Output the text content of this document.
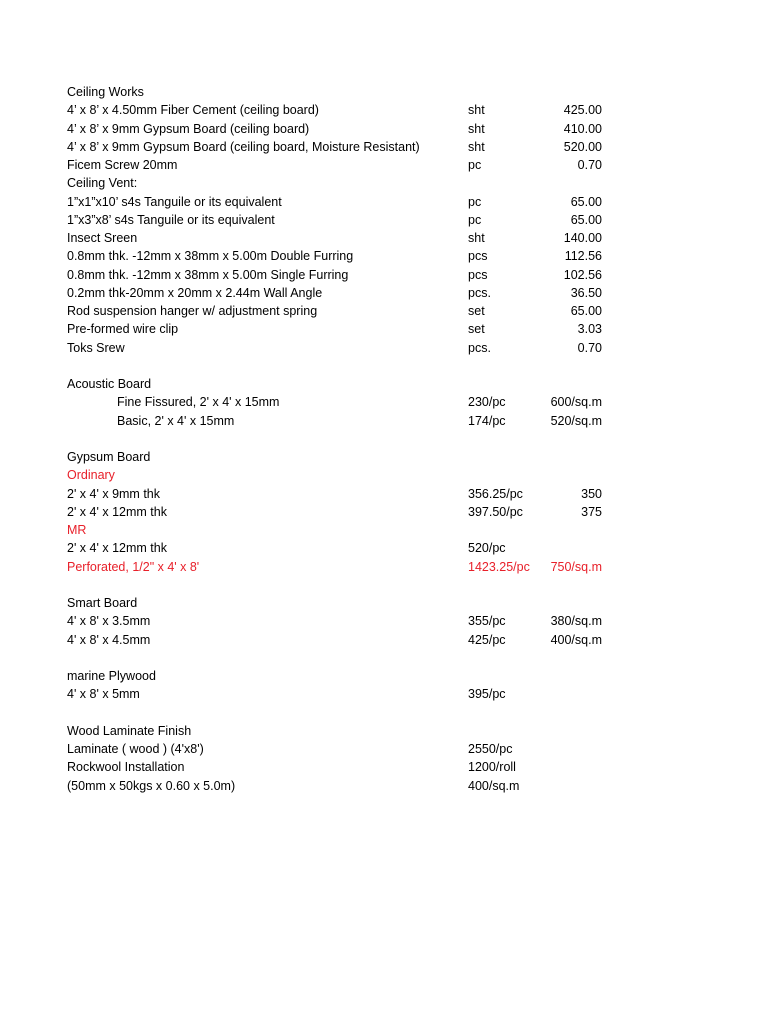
Ceiling Works
4’ x 8’ x 4.50mm Fiber Cement (ceiling board)	sht	425.00
4’ x 8’ x 9mm Gypsum Board (ceiling board)	sht	410.00
4’ x 8’ x 9mm Gypsum Board (ceiling board, Moisture Resistant)	sht	520.00
Ficem Screw 20mm	pc	0.70
Ceiling Vent:
1”x1”x10’ s4s Tanguile or its equivalent	pc	65.00
1”x3”x8’ s4s Tanguile or its equivalent	pc	65.00
Insect Sreen	sht	140.00
0.8mm thk. -12mm x 38mm x 5.00m Double Furring	pcs	112.56
0.8mm thk. -12mm x 38mm x 5.00m Single Furring	pcs	102.56
0.2mm thk-20mm x 20mm x 2.44m Wall Angle	pcs.	36.50
Rod suspension hanger w/ adjustment spring	set	65.00
Pre-formed wire clip	set	3.03
Toks Srew	pcs.	0.70
Acoustic Board
Fine Fissured, 2' x 4' x 15mm	230/pc	600/sq.m
Basic, 2' x 4' x 15mm	174/pc	520/sq.m
Gypsum Board
Ordinary
2' x 4' x 9mm thk	356.25/pc	350
2' x 4' x 12mm thk	397.50/pc	375
MR
2' x 4' x 12mm thk	520/pc
Perforated, 1/2" x 4' x 8'	1423.25/pc 750/sq.m
Smart Board
4' x 8' x 3.5mm	355/pc	380/sq.m
4' x 8' x 4.5mm	425/pc	400/sq.m
marine Plywood
4' x 8' x 5mm	395/pc
Wood Laminate Finish
Laminate ( wood ) (4'x8')	2550/pc
Rockwool Installation	1200/roll
(50mm x 50kgs x 0.60 x 5.0m)	400/sq.m
